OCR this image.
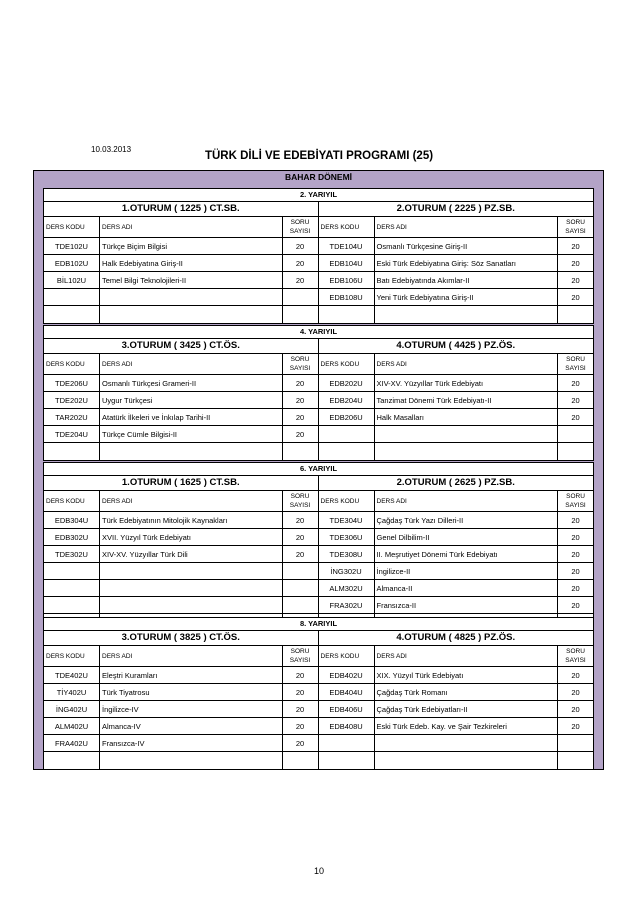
10.03.2013
TÜRK DİLİ VE EDEBİYATI PROGRAMI (25)
BAHAR DÖNEMİ
2. YARIYIL
1.OTURUM ( 1225 ) CT.SB.
DERS KODU	DERS ADI
SORU
SAYISI
TDE102U	Türkçe Biçim Bilgisi	20
EDB102U	Halk Edebiyatına Giriş-II	20
BİL102U	Temel Bilgi Teknolojileri-II	20
2.OTURUM ( 2225 ) PZ.SB.
DERS KODU	DERS ADI
SORU
SAYISI
TDE104U	Osmanlı Türkçesine Giriş-II	20
EDB104U	Eski Türk Edebiyatına Giriş: Söz Sanatları	20
EDB106U	Batı Edebiyatında Akımlar-II	20
EDB108U	Yeni Türk Edebiyatına Giriş-II	20
4. YARIYIL
3.OTURUM ( 3425 ) CT.ÖS.
DERS KODU	DERS ADI
SORU
SAYISI
TDE206U	Osmanlı Türkçesi Grameri-II	20
TDE202U	Uygur Türkçesi	20
TAR202U	Atatürk İlkeleri ve İnkılap Tarihi-II	20
TDE204U	Türkçe Cümle Bilgisi-II	20
4.OTURUM ( 4425 ) PZ.ÖS.
DERS KODU	DERS ADI
SORU
SAYISI
EDB202U	XIV-XV. Yüzyıllar Türk Edebiyatı	20
EDB204U	Tanzimat Dönemi Türk Edebiyatı-II	20
EDB206U	Halk Masalları	20
6. YARIYIL
1.OTURUM ( 1625 ) CT.SB.
DERS KODU	DERS ADI
SORU
SAYISI
EDB304U	Türk Edebiyatının Mitolojik Kaynakları	20
EDB302U	XVII. Yüzyıl Türk Edebiyatı	20
TDE302U	XIV-XV. Yüzyıllar Türk Dili	20
2.OTURUM ( 2625 ) PZ.SB.
DERS KODU	DERS ADI
SORU
SAYISI
TDE304U	Çağdaş Türk Yazı Dilleri-II	20
TDE306U	Genel Dilbilim-II	20
TDE308U	II. Meşrutiyet Dönemi Türk Edebiyatı	20
İNG302U	İngilizce-II	20
ALM302U	Almanca-II	20
FRA302U	Fransızca-II	20
8. YARIYIL
3.OTURUM ( 3825 ) CT.ÖS.
DERS KODU	DERS ADI
SORU
SAYISI
TDE402U	Eleştri Kuramları	20
TİY402U	Türk Tiyatrosu	20
İNG402U	İngilizce-IV	20
ALM402U	Almanca-IV	20
FRA402U	Fransızca-IV	20
4.OTURUM ( 4825 ) PZ.ÖS.
DERS KODU	DERS ADI
SORU
SAYISI
EDB402U	XIX. Yüzyıl Türk Edebiyatı	20
EDB404U	Çağdaş Türk Romanı	20
EDB406U	Çağdaş Türk Edebiyatları-II	20
EDB408U	Eski Türk Edeb. Kay. ve Şair Tezkireleri	20
10
